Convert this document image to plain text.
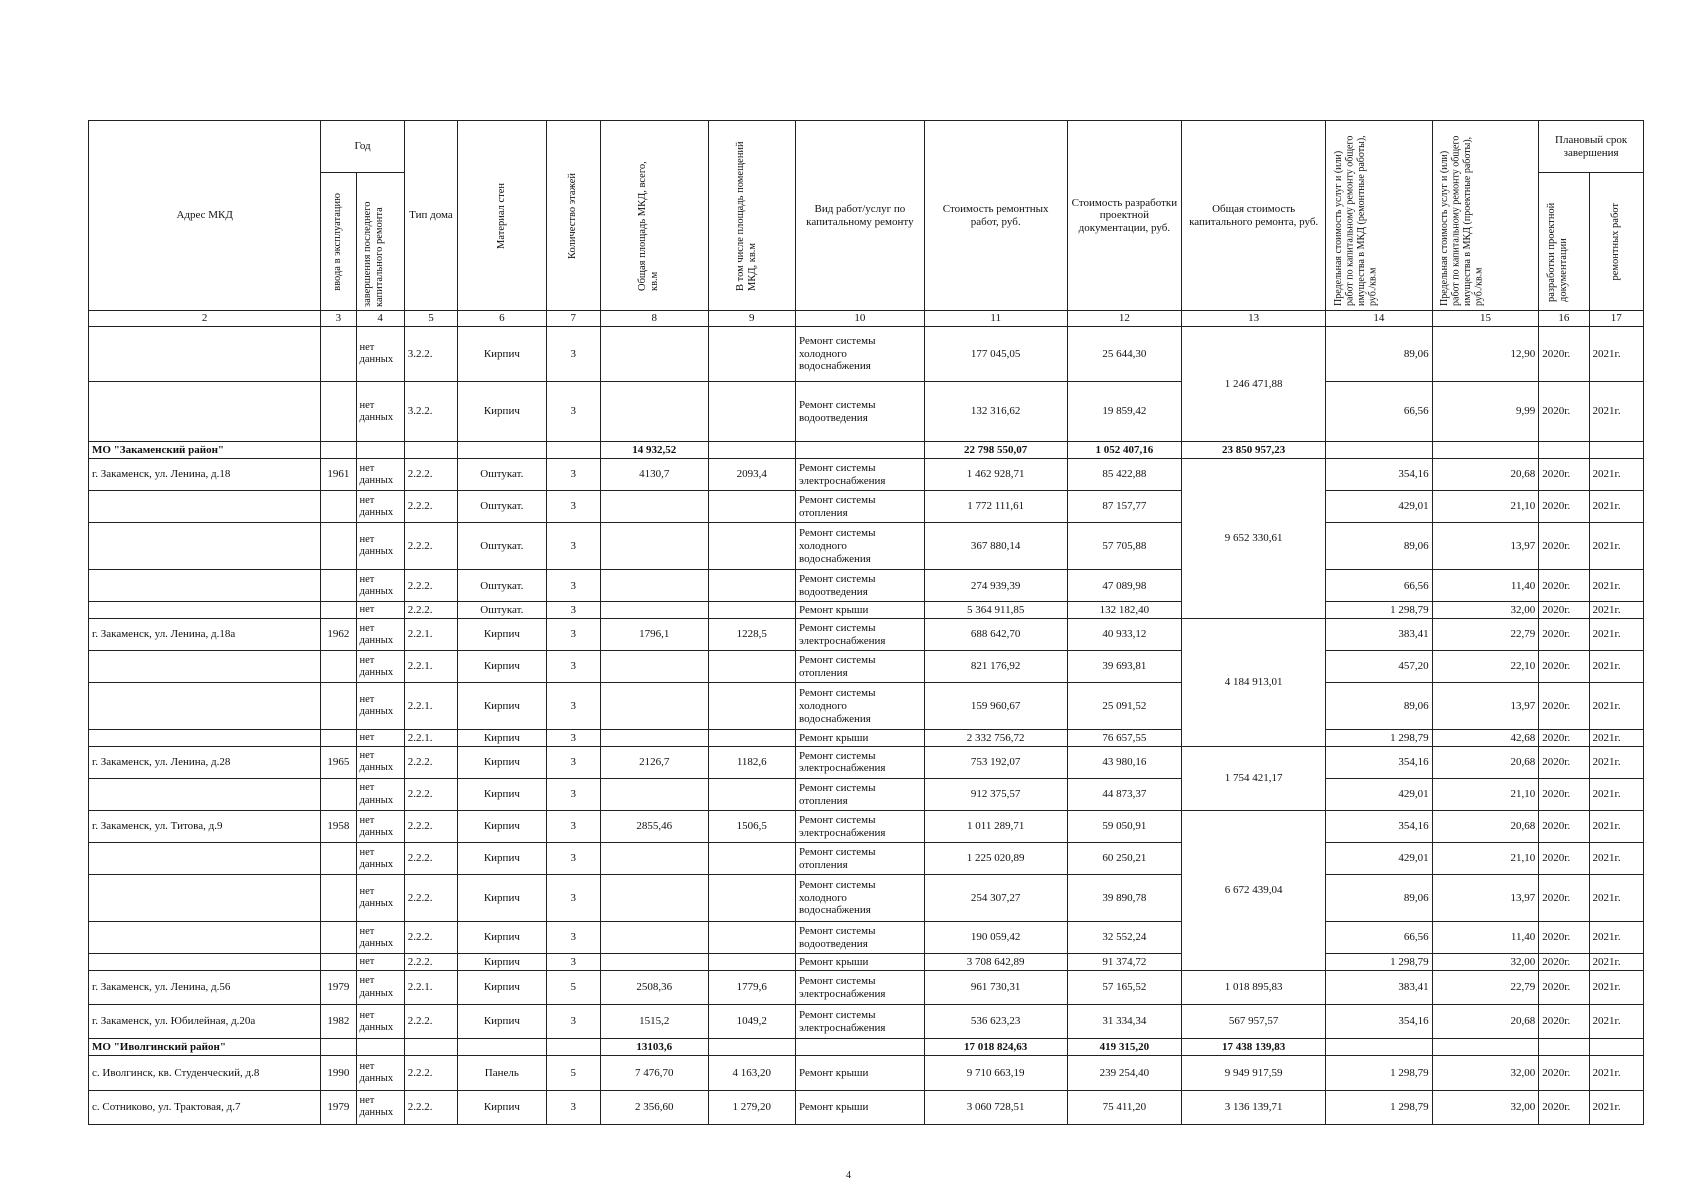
Адрес МКД	Год		Тип дома	Материал стен	Количество этажей	Общая площадь МКД, всего, кв.м	В том числе площадь помещений МКД, кв.м	Вид работ/услуг по капитальному ремонту	Стоимость ремонтных работ, руб.	Стоимость разработки проектной документации, руб.	Общая стоимость капитального ремонта, руб.	Предельная стоимость услуг и (или) работ по капитальному ремонту общего имущества в МКД (ремонтные работы), руб./кв.м	Предельная стоимость услуг и (или) работ по капитальному ремонту общего имущества в МКД (проектные работы), руб./кв.м	Плановый срок завершения	

	ввода в эксплуатацию	завершения последнего капитального ремонта												разработки проектной документации	ремонтных работ

2	3	4	5	6	7	8	9	10	11	12	13	14	15	16	17
		нет данных	3.2.2.	Кирпич	3			Ремонт системы холодного водоснабжения	177 045,05	25 644,30	1 246 471,88	89,06	12,90	2020г.	2021г.
		нет данных	3.2.2.	Кирпич	3			Ремонт системы водоотведения	132 316,62	19 859,42		66,56	9,99	2020г.	2021г.
МО "Закаменский район"						14 932,52			22 798 550,07	1 052 407,16	23 850 957,23				
г. Закаменск, ул. Ленина, д.18	1961	нет данных	2.2.2.	Оштукат.	3	4130,7	2093,4	Ремонт системы электроснабжения	1 462 928,71	85 422,88	9 652 330,61	354,16	20,68	2020г.	2021г.
		нет данных	2.2.2.	Оштукат.	3			Ремонт системы отопления	1 772 111,61	87 157,77		429,01	21,10	2020г.	2021г.
		нет данных	2.2.2.	Оштукат.	3			Ремонт системы холодного водоснабжения	367 880,14	57 705,88		89,06	13,97	2020г.	2021г.
		нет данных	2.2.2.	Оштукат.	3			Ремонт системы водоотведения	274 939,39	47 089,98		66,56	11,40	2020г.	2021г.
		нет	2.2.2.	Оштукат.	3			Ремонт крыши	5 364 911,85	132 182,40		1 298,79	32,00	2020г.	2021г.
г. Закаменск, ул. Ленина, д.18а	1962	нет данных	2.2.1.	Кирпич	3	1796,1	1228,5	Ремонт системы электроснабжения	688 642,70	40 933,12	4 184 913,01	383,41	22,79	2020г.	2021г.
		нет данных	2.2.1.	Кирпич	3			Ремонт системы отопления	821 176,92	39 693,81		457,20	22,10	2020г.	2021г.
		нет данных	2.2.1.	Кирпич	3			Ремонт системы холодного водоснабжения	159 960,67	25 091,52		89,06	13,97	2020г.	2021г.
		нет	2.2.1.	Кирпич	3			Ремонт крыши	2 332 756,72	76 657,55		1 298,79	42,68	2020г.	2021г.
г. Закаменск, ул. Ленина, д.28	1965	нет данных	2.2.2.	Кирпич	3	2126,7	1182,6	Ремонт системы электроснабжения	753 192,07	43 980,16	1 754 421,17	354,16	20,68	2020г.	2021г.
		нет данных	2.2.2.	Кирпич	3			Ремонт системы отопления	912 375,57	44 873,37		429,01	21,10	2020г.	2021г.
г. Закаменск, ул. Титова, д.9	1958	нет данных	2.2.2.	Кирпич	3	2855,46	1506,5	Ремонт системы электроснабжения	1 011 289,71	59 050,91	6 672 439,04	354,16	20,68	2020г.	2021г.
		нет данных	2.2.2.	Кирпич	3			Ремонт системы отопления	1 225 020,89	60 250,21		429,01	21,10	2020г.	2021г.
		нет данных	2.2.2.	Кирпич	3			Ремонт системы холодного водоснабжения	254 307,27	39 890,78		89,06	13,97	2020г.	2021г.
		нет данных	2.2.2.	Кирпич	3			Ремонт системы водоотведения	190 059,42	32 552,24		66,56	11,40	2020г.	2021г.
		нет	2.2.2.	Кирпич	3			Ремонт крыши	3 708 642,89	91 374,72		1 298,79	32,00	2020г.	2021г.
г. Закаменск, ул. Ленина, д.56	1979	нет данных	2.2.1.	Кирпич	5	2508,36	1779,6	Ремонт системы электроснабжения	961 730,31	57 165,52	1 018 895,83	383,41	22,79	2020г.	2021г.
г. Закаменск, ул. Юбилейная, д.20а	1982	нет данных	2.2.2.	Кирпич	3	1515,2	1049,2	Ремонт системы электроснабжения	536 623,23	31 334,34	567 957,57	354,16	20,68	2020г.	2021г.
МО "Иволгинский район"						13103,6			17 018 824,63	419 315,20	17 438 139,83				
с. Иволгинск, кв. Студенческий, д.8	1990	нет данных	2.2.2.	Панель	5	7 476,70	4 163,20	Ремонт крыши	9 710 663,19	239 254,40	9 949 917,59	1 298,79	32,00	2020г.	2021г.
с. Сотниково, ул. Трактовая, д.7	1979	нет данных	2.2.2.	Кирпич	3	2 356,60	1 279,20	Ремонт крыши	3 060 728,51	75 411,20	3 136 139,71	1 298,79	32,00	2020г.	2021г.
4
